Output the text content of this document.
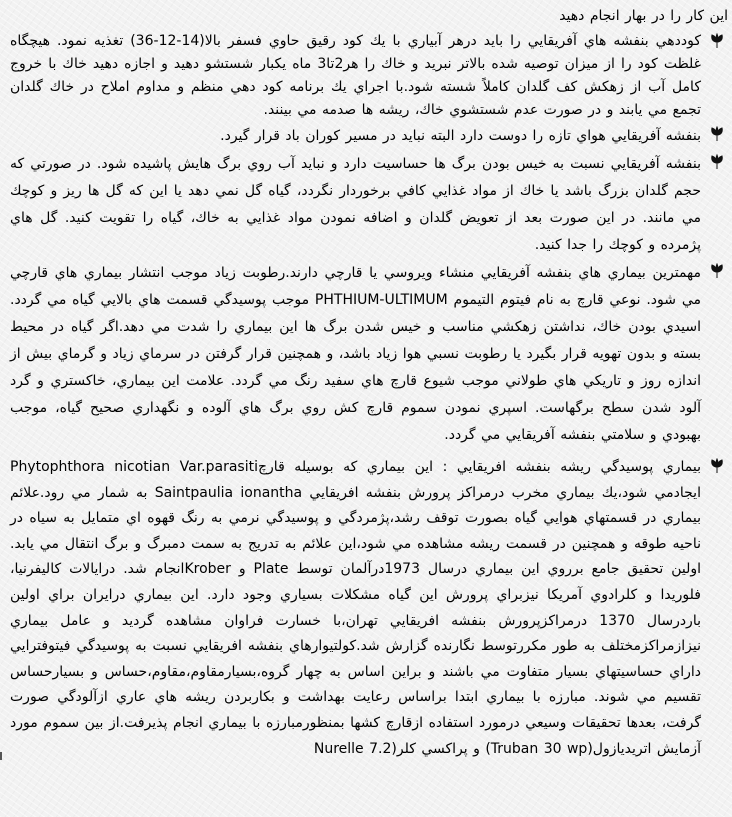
اين كار را در بهار انجام دهيد
كوددهي بنفشه هاي آفريقايي را بايد درهر آبياري با يك كود رقيق حاوي فسفر بالا(14-12-36) تغذيه نمود. هيچگاه غلظت كود را از ميزان توصيه شده بالاتر نبريد و خاك را هر2تا3 ماه يكبار شستشو دهيد و اجازه دهيد خاك با خروج كامل آب از زهكش كف گلدان كاملاً شسته شود.با اجراي يك برنامه كود دهي منظم و مداوم املاح در خاك گلدان تجمع مي يابند و در صورت عدم شستشوي خاك، ريشه ها صدمه مي بينند.
بنفشه آفريقايي هواي تازه را دوست دارد البته نبايد در مسير كوران باد قرار گيرد.
بنفشه آفريقايي نسبت به خيس بودن برگ ها حساسيت دارد و نبايد آب روي برگ هايش پاشيده شود. در صورتي كه حجم گلدان بزرگ باشد يا خاك از مواد غذايي كافي برخوردار نگردد، گياه گل نمي دهد يا اين كه گل ها ريز و كوچك مي مانند. در اين صورت بعد از تعويض گلدان و اضافه نمودن مواد غذايي به خاك، گياه را تقويت كنيد. گل هاي پژمرده و كوچك را جدا كنيد.
مهمترين بيماري هاي بنفشه آفريقايي منشاء ويروسي يا قارچي دارند.رطوبت زياد موجب انتشار بيماري هاي قارچي مي شود. نوعي قارچ به نام فيتوم التيموم PHTHIUM-ULTIMUM موجب پوسيدگي قسمت هاي بالايي گياه مي گردد. اسيدي بودن خاك، نداشتن زهكشي مناسب و خيس شدن برگ ها اين بيماري را شدت مي دهد.اگر گياه در محيط بسته و بدون تهويه قرار بگيرد يا رطوبت نسبي هوا زياد باشد، و همچنين قرار گرفتن در سرماي زياد و گرماي بيش از اندازه روز و تاريكي هاي طولاني موجب شيوع قارچ هاي سفيد رنگ مي گردد. علامت اين بيماري، خاكستري و گرد آلود شدن سطح برگهاست. اسپري نمودن سموم قارچ كش روي برگ هاي آلوده و نگهداري صحيح گياه، موجب بهبودي و سلامتي بنفشه آفريقايي مي گردد.
بيماري پوسيدگي ريشه بنفشه افريقايي : اين بيماري كه بوسيله قارچPhytophthora nicotian Var.parasiti ايجادمي شود،يك بيماري مخرب درمراكز پرورش بنفشه افريقايي Saintpaulia ionantha به شمار مي رود.علائم بيماري در قسمتهاي هوايي گياه بصورت توقف رشد،پژمردگي و پوسيدگي نرمي به رنگ قهوه اي متمايل به سياه در ناحيه طوقه و همچنين در قسمت ريشه مشاهده مي شود،اين علائم به تدريج به سمت دمبرگ و برگ انتقال مي يابد. اولين تحقيق جامع برروي اين بيماري درسال 1973درآلمان توسط Plate و Kroberانجام شد. درايالات كاليفرنيا، فلوريدا و كلرادوي آمريكا نيزبراي پرورش اين گياه مشكلات بسياري وجود دارد. اين بيماري درايران براي اولين باردرسال 1370 درمراكزپرورش بنفشه افريقايي تهران،با خسارت فراوان مشاهده گرديد و عامل بيماري نيزازمراكزمختلف به طور مكررتوسط نگارنده گزارش شد.كولتيوارهاي بنفشه افريقايي نسبت به پوسيدگي فيتوفترايي داراي حساسيتهاي بسيار متفاوت مي باشند و براين اساس به چهار گروه،بسيارمقاوم،مقاوم،حساس و بسيارحساس تقسيم مي شوند. مبارزه با بيماري ابتدا براساس رعايت بهداشت و بكاربردن ريشه هاي عاري ازآلودگي صورت گرفت، بعدها تحقيقات وسيعي درمورد استفاده ازقارچ كشها بمنظورمبارزه با بيماري انجام پذيرفت.از بين سموم مورد آزمايش اتريديازول(Truban 30 wp) و پراكسي كلر(Nurelle 7.2
